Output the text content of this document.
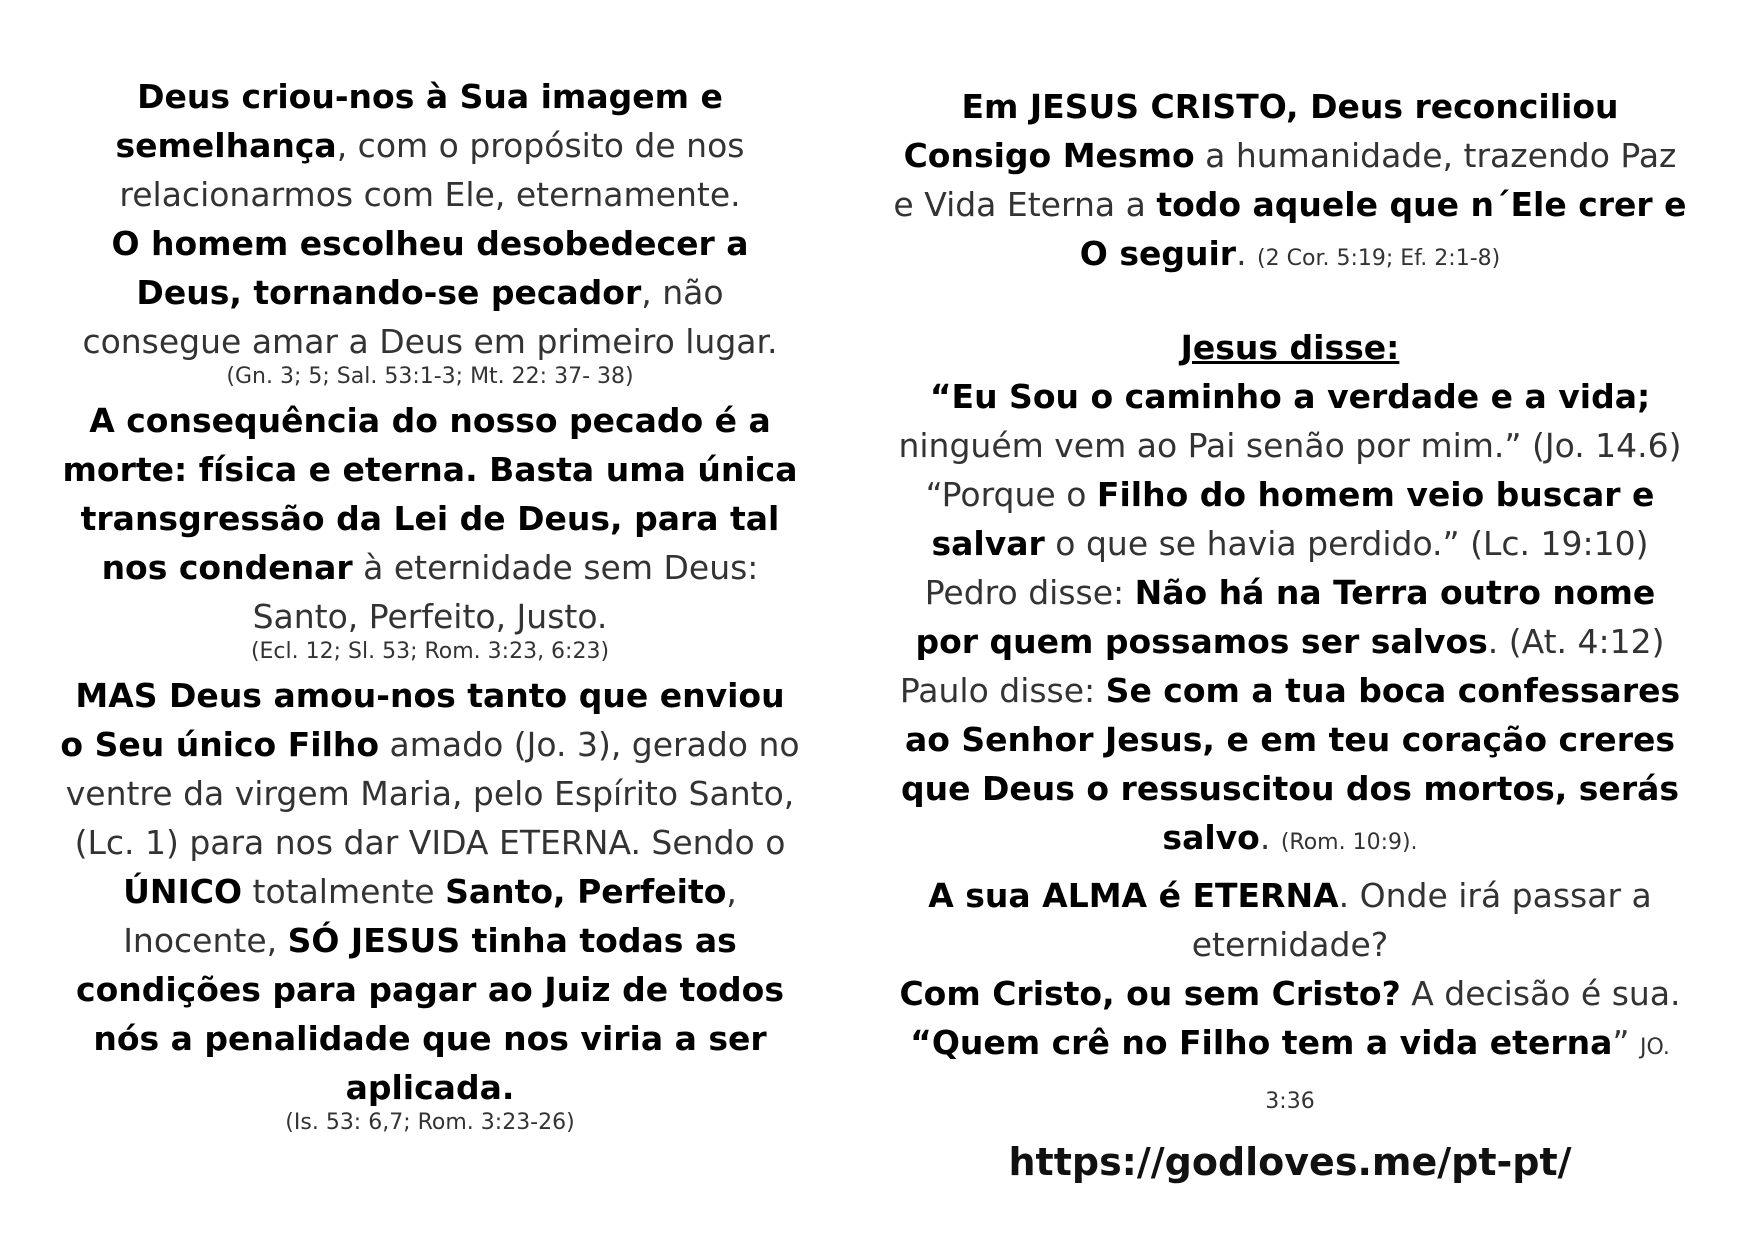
Deus criou-nos à Sua imagem e semelhança, com o propósito de nos relacionarmos com Ele, eternamente.
O homem escolheu desobedecer a Deus, tornando-se pecador, não consegue amar a Deus em primeiro lugar.
(Gn. 3; 5; Sal. 53:1-3; Mt. 22: 37- 38)

A consequência do nosso pecado é a morte: física e eterna. Basta uma única transgressão da Lei de Deus, para tal nos condenar à eternidade sem Deus:
Santo, Perfeito, Justo.
(Ecl. 12; Sl. 53; Rom. 3:23, 6:23)

MAS Deus amou-nos tanto que enviou o Seu único Filho amado (Jo. 3), gerado no ventre da virgem Maria, pelo Espírito Santo, (Lc. 1) para nos dar VIDA ETERNA. Sendo o ÚNICO totalmente Santo, Perfeito, Inocente, SÓ JESUS tinha todas as condições para pagar ao Juiz de todos nós a penalidade que nos viria a ser aplicada.
(Is. 53: 6,7; Rom. 3:23-26)

Em JESUS CRISTO, Deus reconciliou Consigo Mesmo a humanidade, trazendo Paz e Vida Eterna a todo aquele que n´Ele crer e O seguir. (2 Cor. 5:19; Ef. 2:1-8)

Jesus disse:
“Eu Sou o caminho a verdade e a vida;
ninguém vem ao Pai senão por mim.” (Jo. 14.6)
“Porque o Filho do homem veio buscar e salvar o que se havia perdido.” (Lc. 19:10)
Pedro disse: Não há na Terra outro nome por quem possamos ser salvos. (At. 4:12)
Paulo disse: Se com a tua boca confessares ao Senhor Jesus, e em teu coração creres que Deus o ressuscitou dos mortos, serás salvo. (Rom. 10:9).

A sua ALMA é ETERNA. Onde irá passar a eternidade?
Com Cristo, ou sem Cristo? A decisão é sua.
“Quem crê no Filho tem a vida eterna” JO. 3:36

https://godloves.me/pt-pt/
